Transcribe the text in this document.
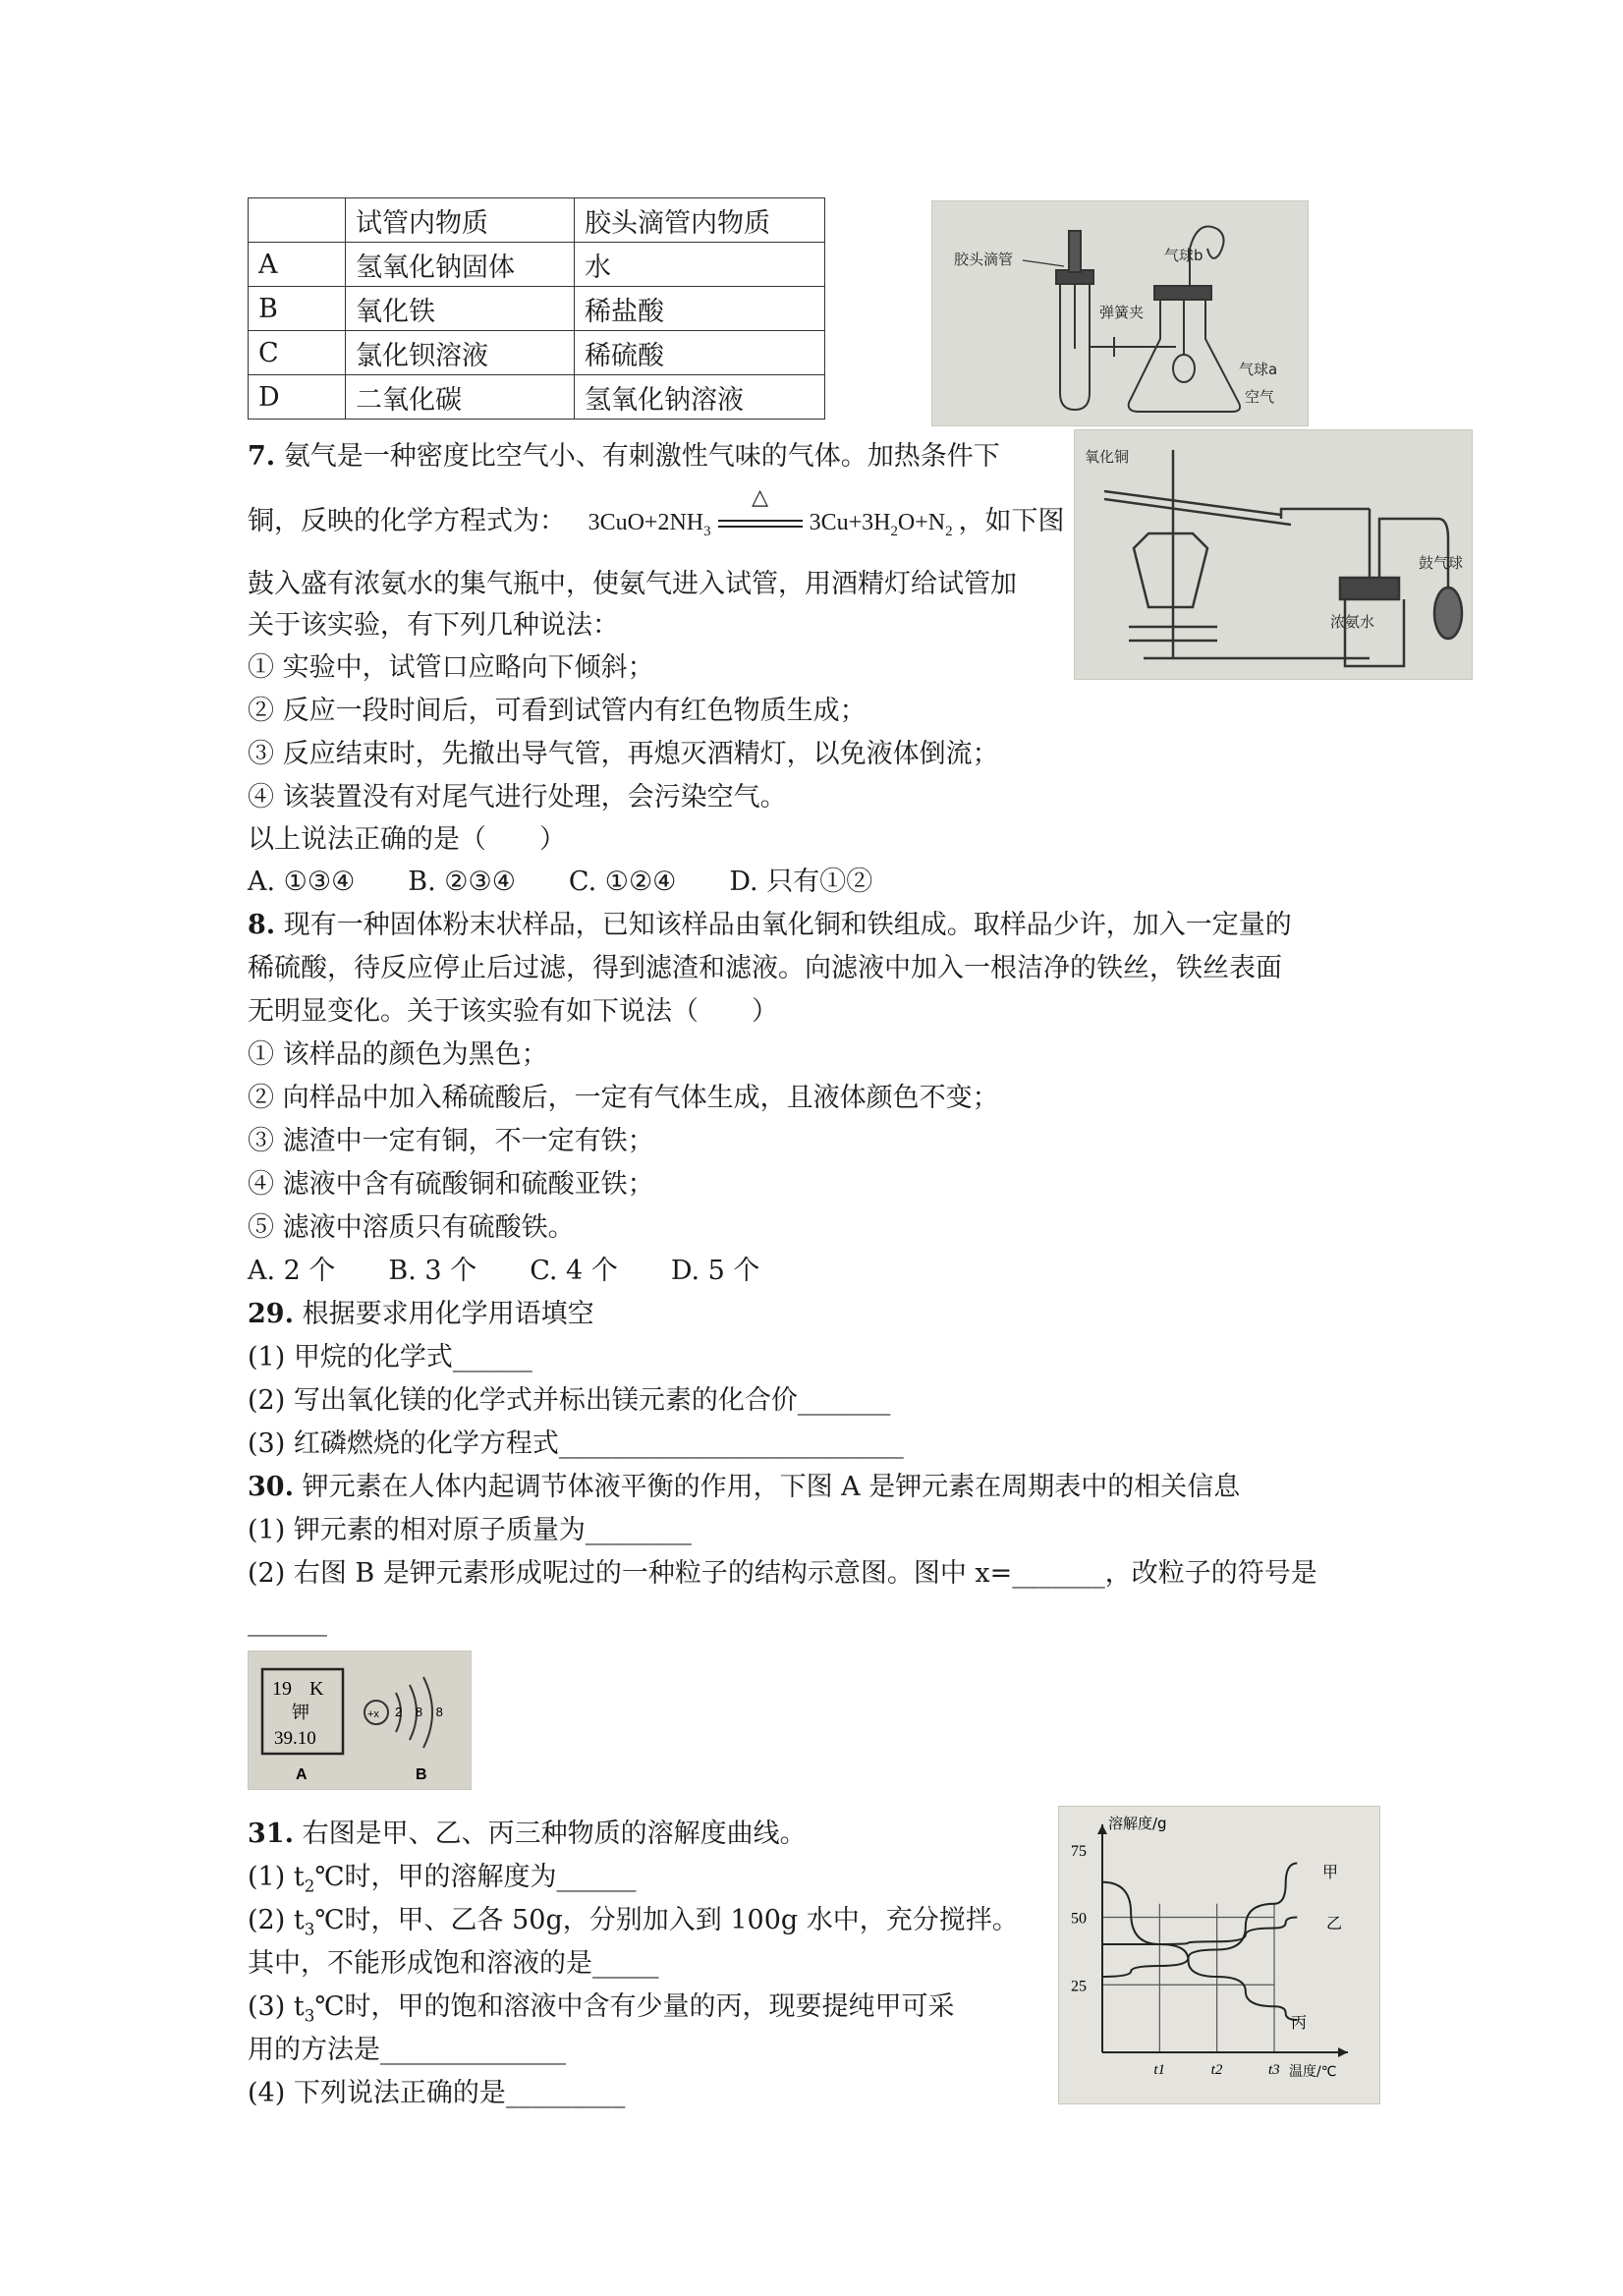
	试管内物质	胶头滴管内物质
A	氢氧化钠固体	水
B	氧化铁	稀盐酸
C	氯化钡溶液	稀硫酸
D	二氧化碳	氢氧化钠溶液
胶头滴管	气球b
弹簧夹
气球a
空气
7. 氨气是一种密度比空气小、有刺激性气味的气体。加热条件下
铜，反映的化学方程式为： $3CuO+2NH_3$
△
$3Cu+3H_2O+N_2$ ，如下图
鼓入盛有浓氨水的集气瓶中，使氨气进入试管，用酒精灯给试管加
关于该实验，有下列几种说法：
① 实验中，试管口应略向下倾斜；
② 反应一段时间后，可看到试管内有红色物质生成；
③ 反应结束时，先撤出导气管，再熄灭酒精灯，以免液体倒流；
④ 该装置没有对尾气进行处理，会污染空气。
以上说法正确的是（　　）
A. ①③④　　B. ②③④　　C. ①②④　　D. 只有①②
氧化铜
浓氨水
鼓气球
8. 现有一种固体粉末状样品，已知该样品由氧化铜和铁组成。取样品少许，加入一定量的
稀硫酸，待反应停止后过滤，得到滤渣和滤液。向滤液中加入一根洁净的铁丝，铁丝表面
无明显变化。关于该实验有如下说法（　　）
① 该样品的颜色为黑色；
② 向样品中加入稀硫酸后，一定有气体生成，且液体颜色不变；
③ 滤渣中一定有铜，不一定有铁；
④ 滤液中含有硫酸铜和硫酸亚铁；
⑤ 滤液中溶质只有硫酸铁。
A. 2 个　　B. 3 个　　C. 4 个　　D. 5 个
29. 根据要求用化学用语填空
(1) 甲烷的化学式______
(2) 写出氧化镁的化学式并标出镁元素的化合价_______
(3) 红磷燃烧的化学方程式__________________________
30. 钾元素在人体内起调节体液平衡的作用，下图 A 是钾元素在周期表中的相关信息
(1) 钾元素的相对原子质量为________
(2) 右图 B 是钾元素形成呢过的一种粒子的结构示意图。图中 x=_______，改粒子的符号是
______
19 K
钾
39.10
A
+x 2 8 8
B
31. 右图是甲、乙、丙三种物质的溶解度曲线。
(1) $t_2℃$时，甲的溶解度为______
(2) $t_3℃$时，甲、乙各 50g，分别加入到 100g 水中，充分搅拌。
其中，不能形成饱和溶液的是_____
(3) $t_3℃$时，甲的饱和溶液中含有少量的丙，现要提纯甲可采
用的方法是______________
(4) 下列说法正确的是_________
25
50
75
t1	t2	t3
溶解度/g
温度/℃
甲
乙
丙
